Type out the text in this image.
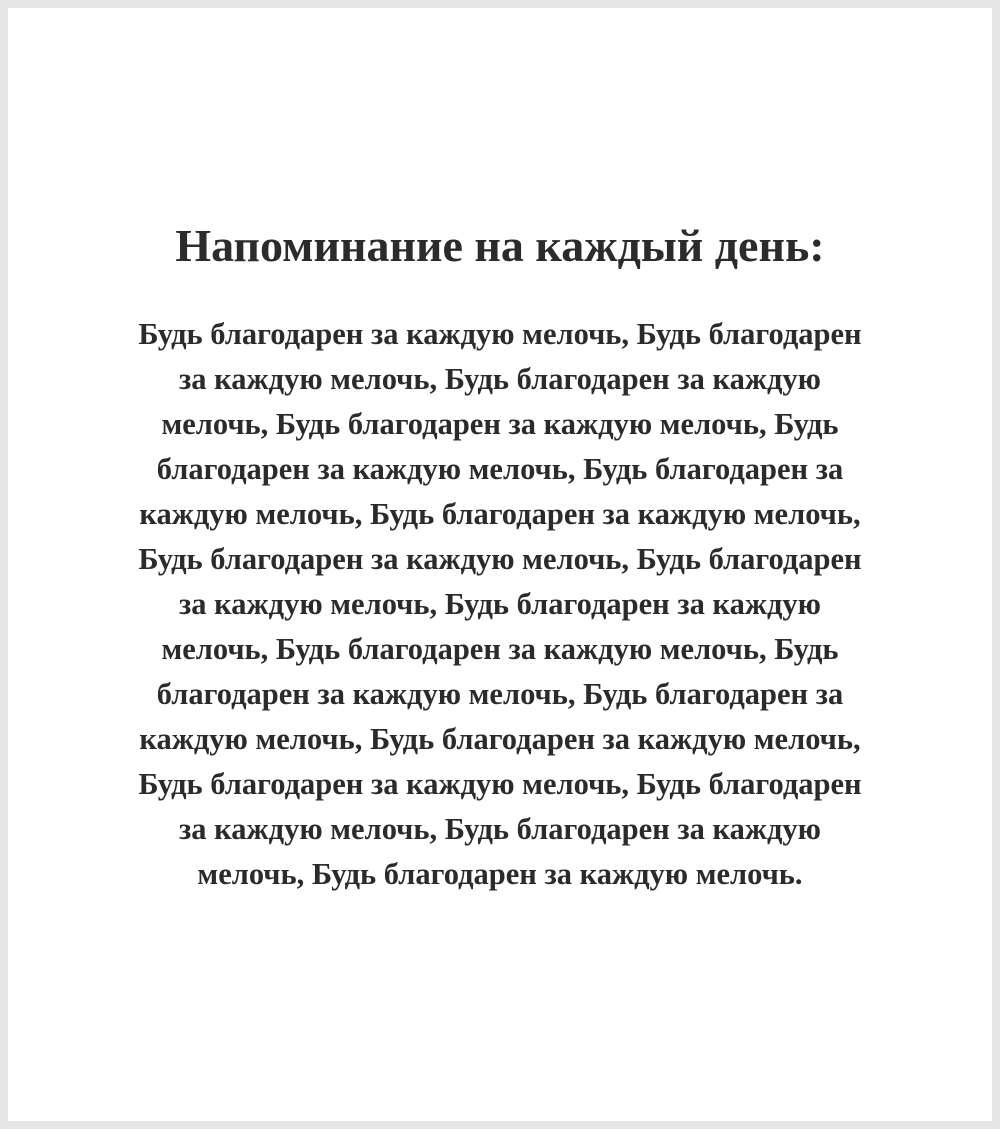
Напоминание на каждый день:

Будь благодарен за каждую мелочь, Будь благодарен
за каждую мелочь, Будь благодарен за каждую
мелочь, Будь благодарен за каждую мелочь, Будь
благодарен за каждую мелочь, Будь благодарен за
каждую мелочь, Будь благодарен за каждую мелочь,
Будь благодарен за каждую мелочь, Будь благодарен
за каждую мелочь, Будь благодарен за каждую
мелочь, Будь благодарен за каждую мелочь, Будь
благодарен за каждую мелочь, Будь благодарен за
каждую мелочь, Будь благодарен за каждую мелочь,
Будь благодарен за каждую мелочь, Будь благодарен
за каждую мелочь, Будь благодарен за каждую
мелочь, Будь благодарен за каждую мелочь.
